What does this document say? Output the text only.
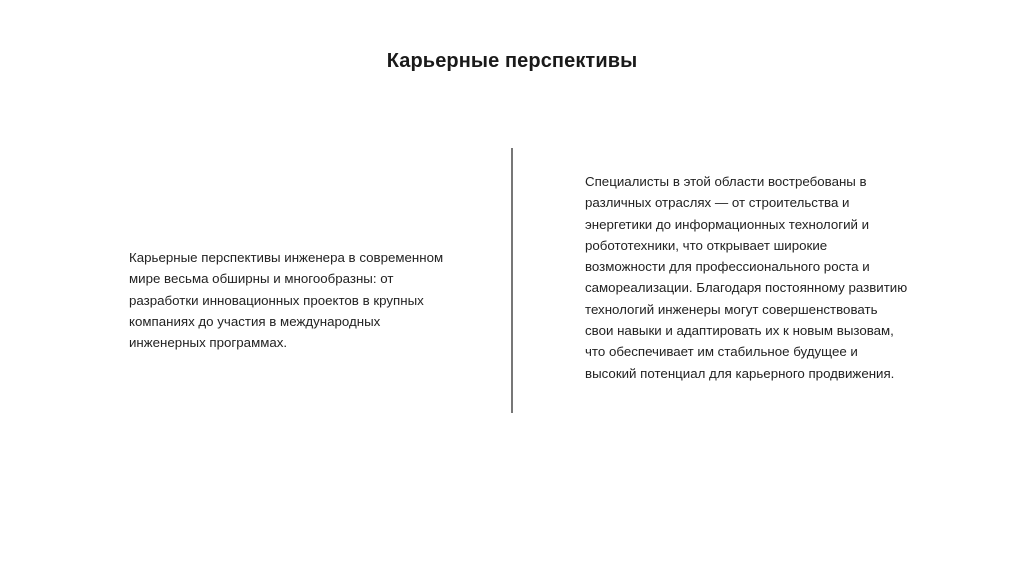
Карьерные перспективы
Карьерные перспективы инженера в современном
мире весьма обширны и многообразны: от
разработки инновационных проектов в крупных
компаниях до участия в международных
инженерных программах.
Специалисты в этой области востребованы в
различных отраслях — от строительства и
энергетики до информационных технологий и
робототехники, что открывает широкие
возможности для профессионального роста и
самореализации. Благодаря постоянному развитию
технологий инженеры могут совершенствовать
свои навыки и адаптировать их к новым вызовам,
что обеспечивает им стабильное будущее и
высокий потенциал для карьерного продвижения.
